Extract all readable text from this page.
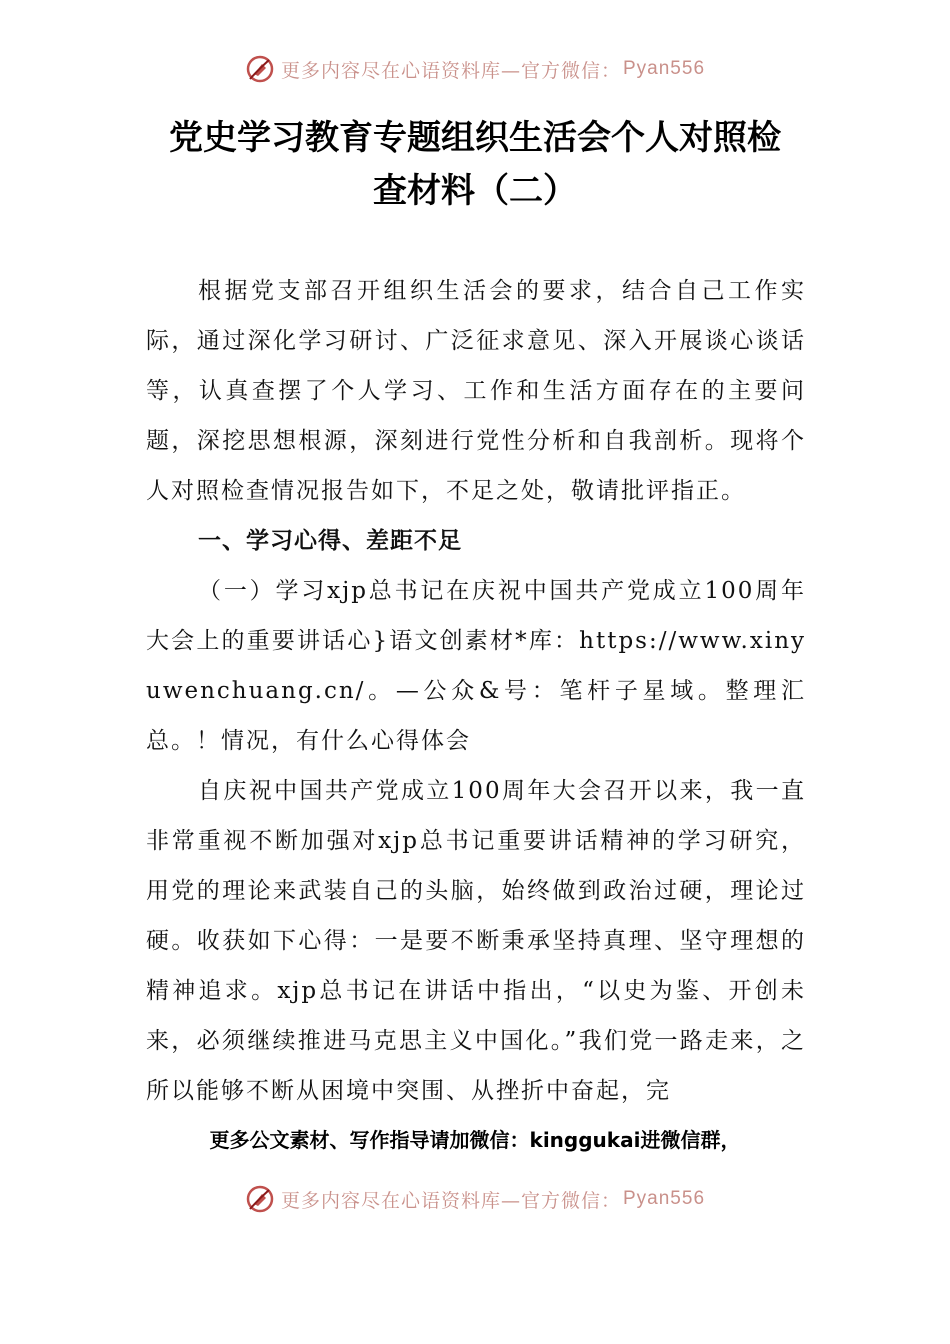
更多内容尽在心语资料库—官方微信： Pyan556
党史学习教育专题组织生活会个人对照检
查材料（二）

根据党支部召开组织生活会的要求，结合自己工作实际，通过深化学习研讨、广泛征求意见、深入开展谈心谈话等，认真查摆了个人学习、工作和生活方面存在的主要问题，深挖思想根源，深刻进行党性分析和自我剖析。现将个人对照检查情况报告如下，不足之处，敬请批评指正。

一、学习心得、差距不足

（一）学习xjp总书记在庆祝中国共产党成立100周年大会上的重要讲话心}语文创素材*库：https://www.xinyuwenchuang.cn/。—公众&号：笔杆子星域。整理汇总。！情况，有什么心得体会

自庆祝中国共产党成立100周年大会召开以来，我一直非常重视不断加强对xjp总书记重要讲话精神的学习研究，用党的理论来武装自己的头脑，始终做到政治过硬，理论过硬。收获如下心得：一是要不断秉承坚持真理、坚守理想的精神追求。xjp总书记在讲话中指出，“以史为鉴、开创未来，必须继续推进马克思主义中国化。”我们党一路走来，之所以能够不断从困境中突围、从挫折中奋起，完

更多公文素材、写作指导请加微信：kinggukai进微信群，
更多内容尽在心语资料库—官方微信： Pyan556
